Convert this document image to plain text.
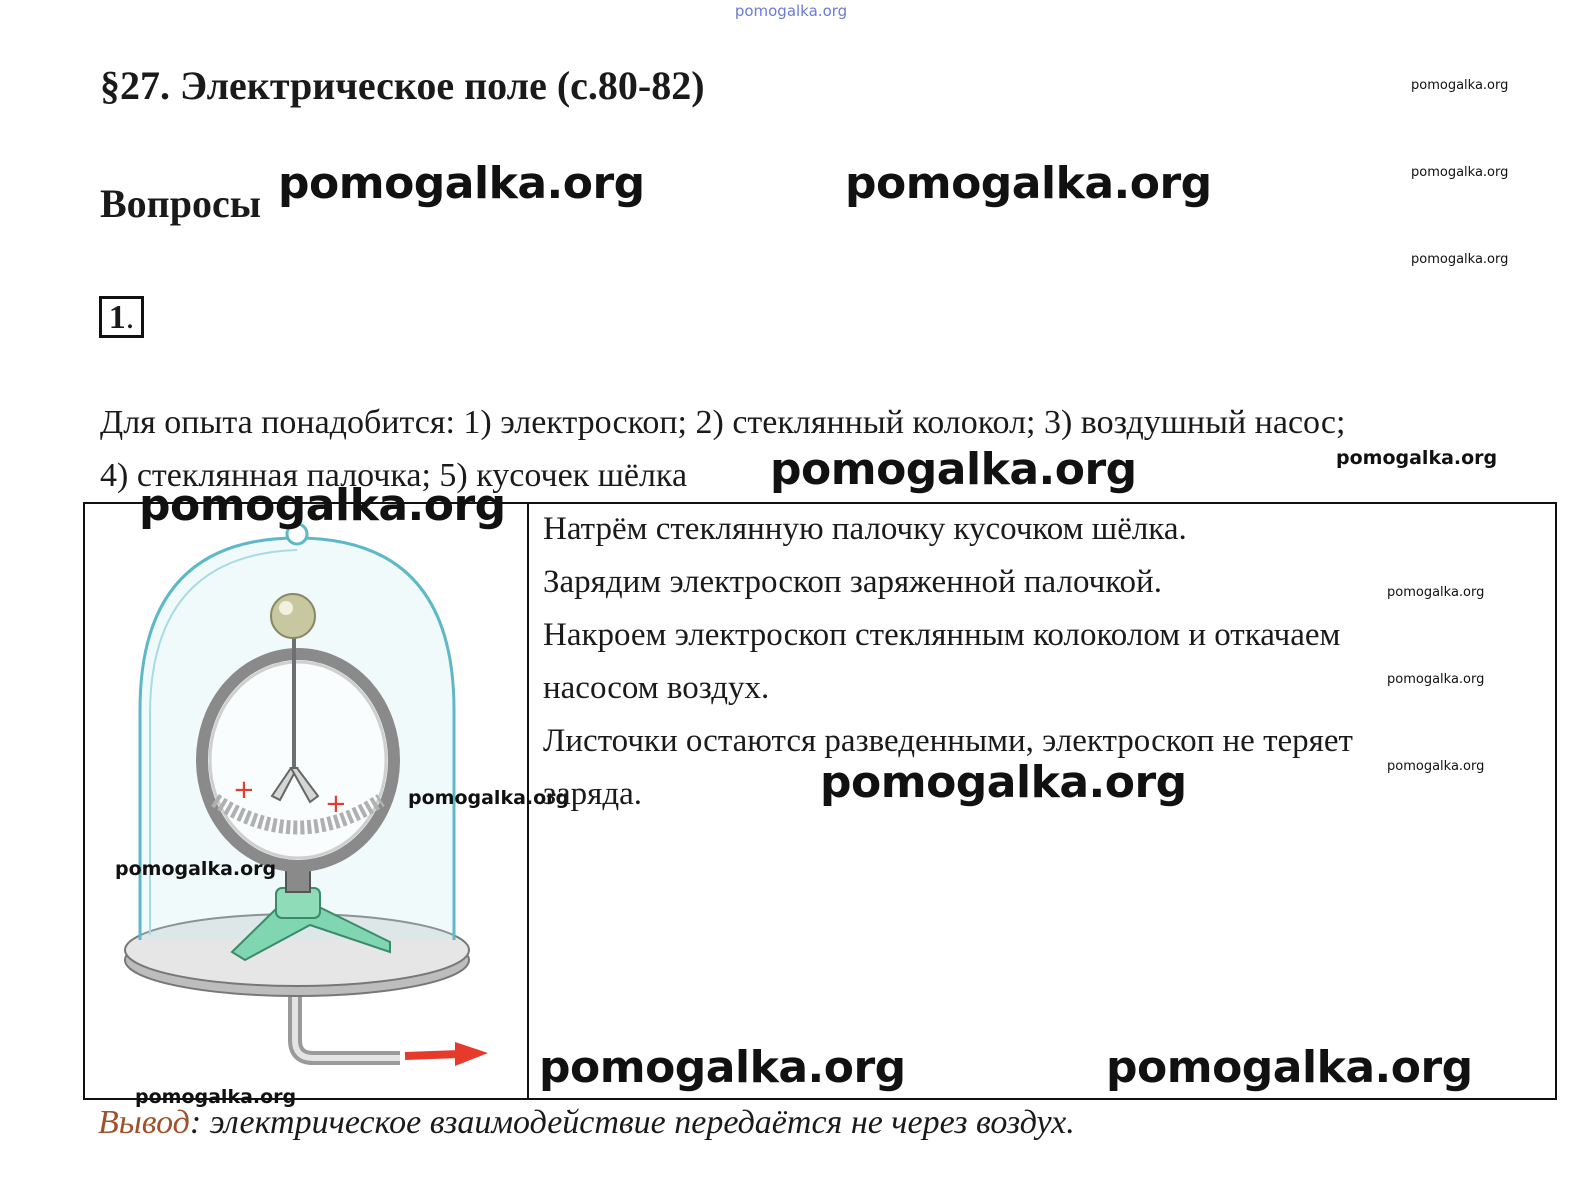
pomogalka.org
§27. Электрическое поле (с.80-82)
Вопросы
pomogalka.org
pomogalka.org
pomogalka.org
pomogalka.org	pomogalka.org
1.
Для опыта понадобится: 1) электроскоп; 2) стеклянный колокол; 3) воздушный насос;
4) стеклянная палочка; 5) кусочек шёлка	pomogalka.org	pomogalka.org
+	+
pomogalka.org
pomogalka.org
pomogalka.org
pomogalka.org

Натрём стеклянную палочку кусочком шёлка.

Зарядим электроскоп заряженной палочкой.

Накроем электроскоп стеклянным колоколом и откачаем

насосом воздух.

Листочки остаются разведенными, электроскоп не теряет

заряда.

pomogalka.org
pomogalka.org
pomogalka.org
pomogalka.org
pomogalka.org	pomogalka.org
Вывод: электрическое взаимодействие передаётся не через воздух.
